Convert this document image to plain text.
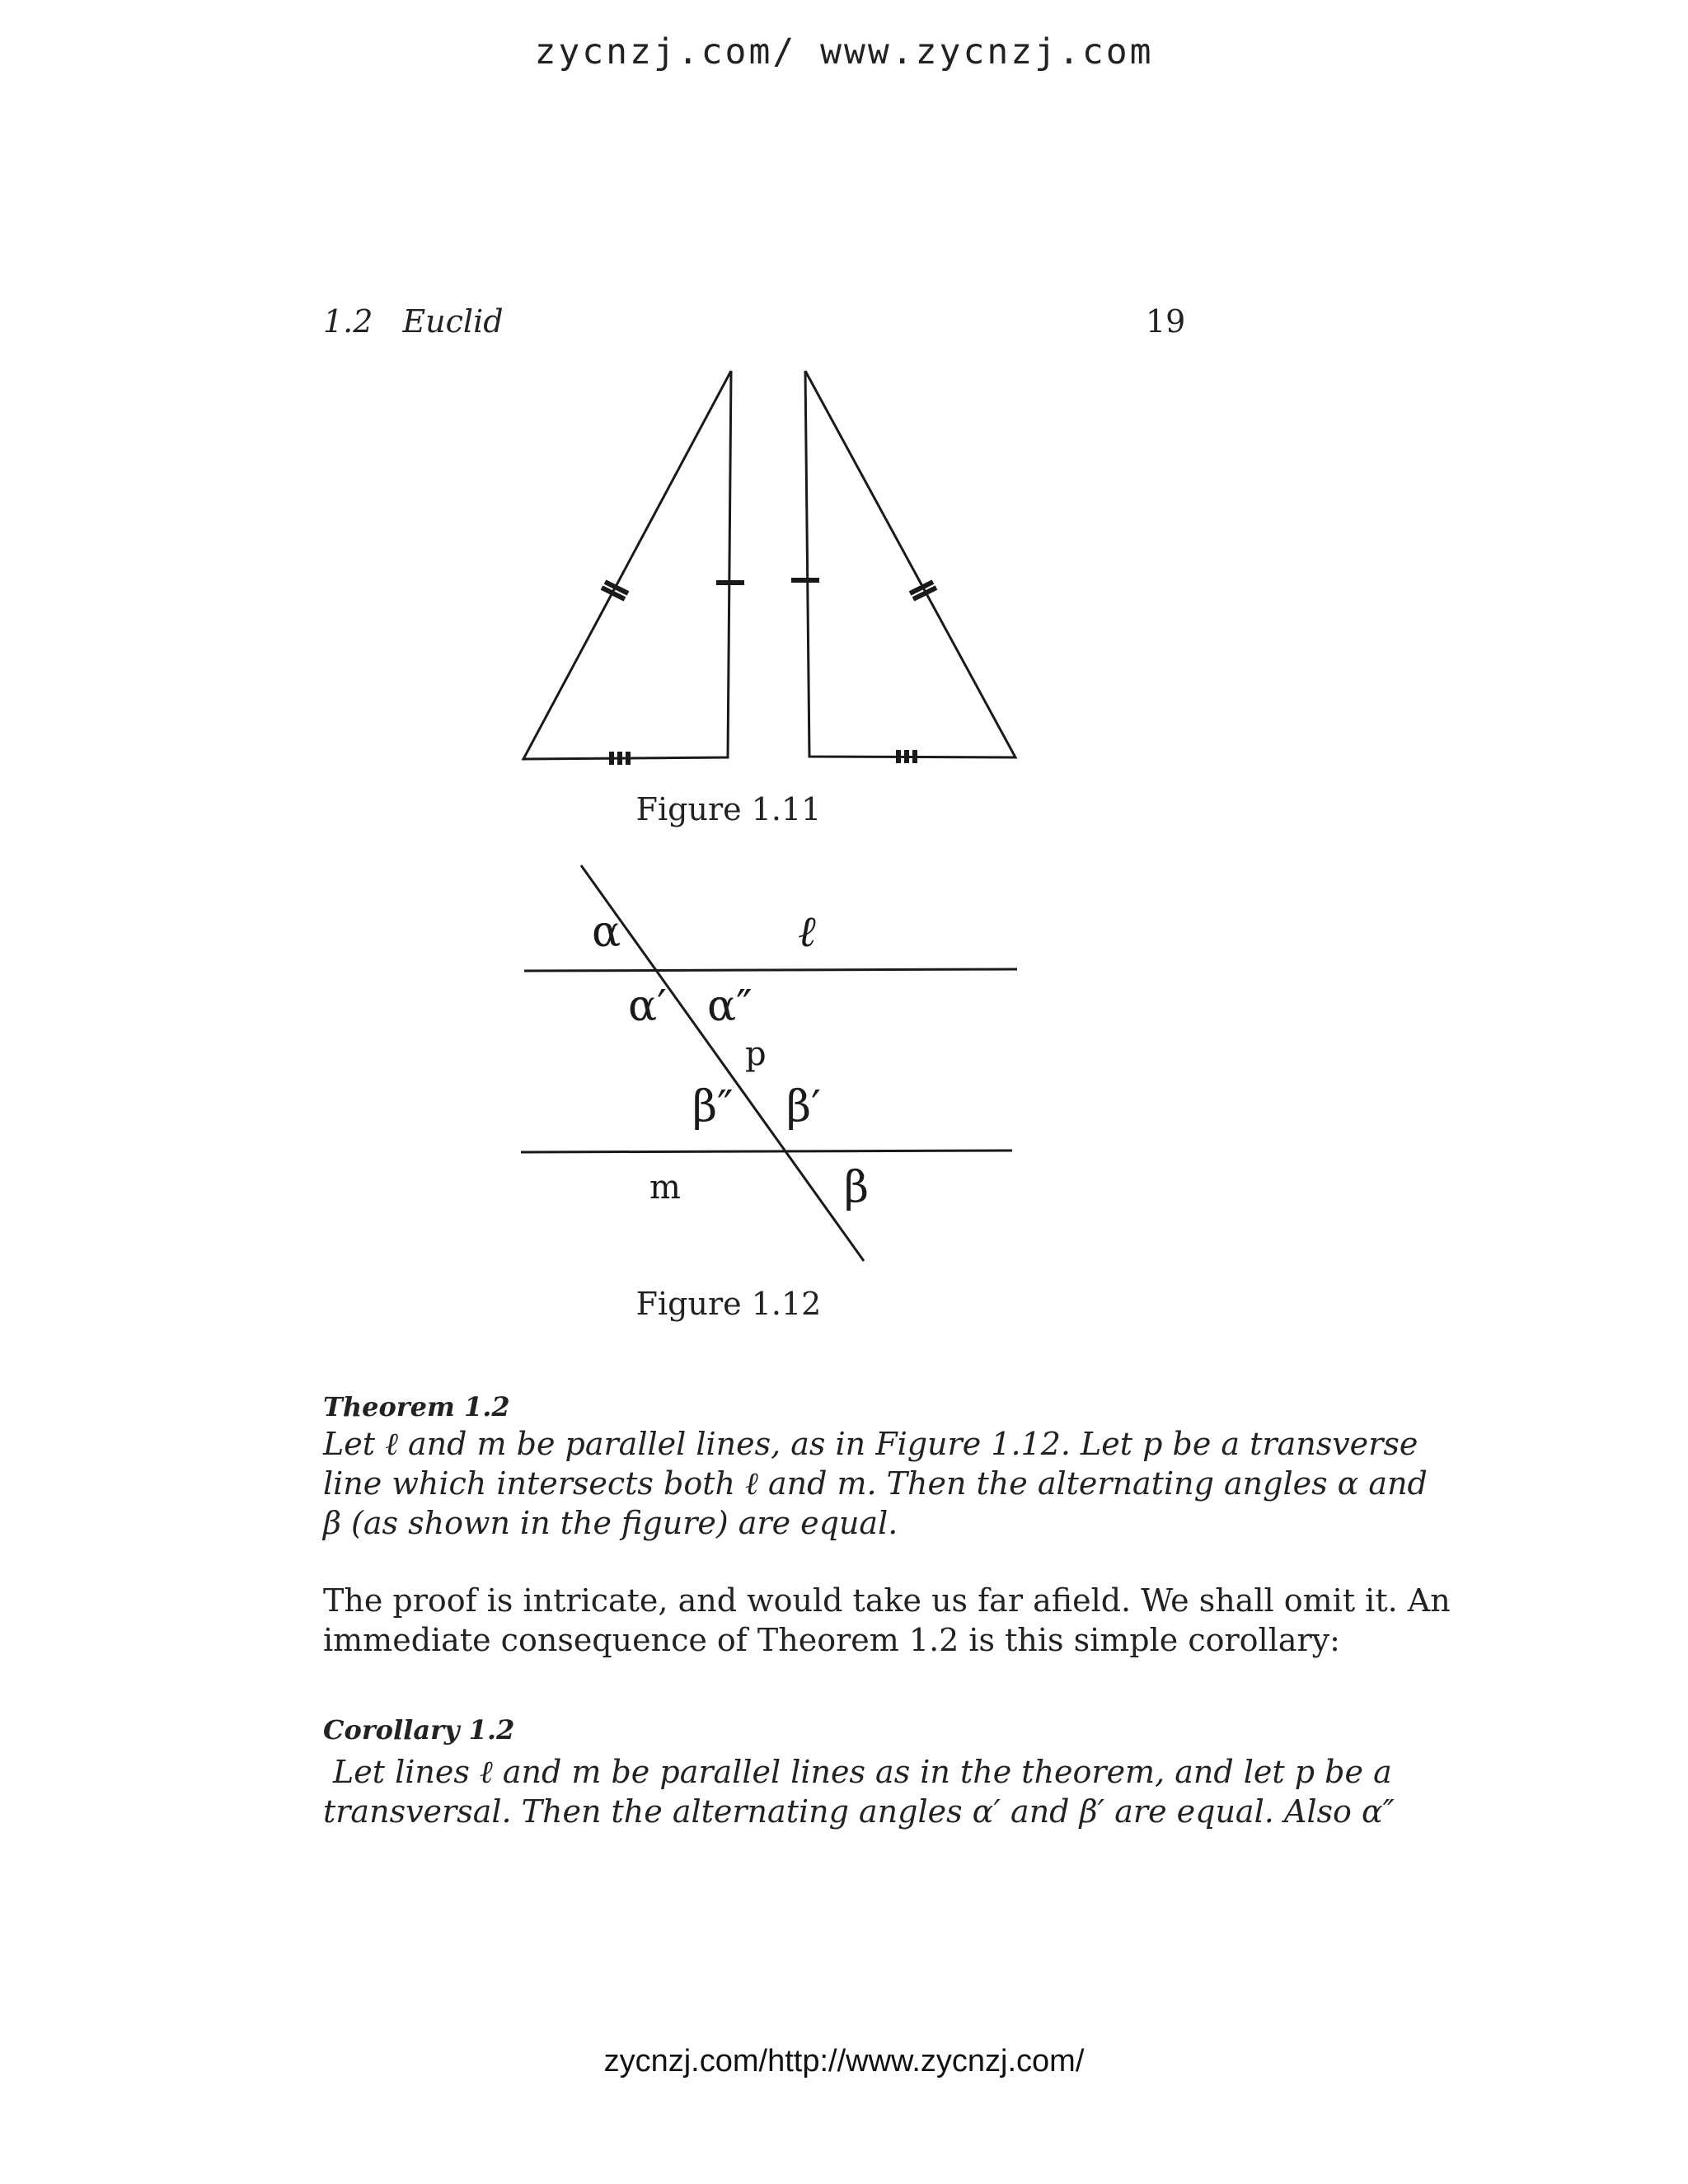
zycnzj.com/ www.zycnzj.com
1.2 Euclid	19
Figure 1.11
α	ℓ
α′ α″
p
β″ β′
m	β
Figure 1.12
Theorem 1.2
Let ℓ and m be parallel lines, as in Figure 1.12. Let p be a transverse
line which intersects both ℓ and m. Then the alternating angles α and
β (as shown in the figure) are equal.
The proof is intricate, and would take us far afield. We shall omit it. An
immediate consequence of Theorem 1.2 is this simple corollary:
Corollary 1.2
Let lines ℓ and m be parallel lines as in the theorem, and let p be a
transversal. Then the alternating angles α′ and β′ are equal. Also α″
zycnzj.com/http://www.zycnzj.com/
